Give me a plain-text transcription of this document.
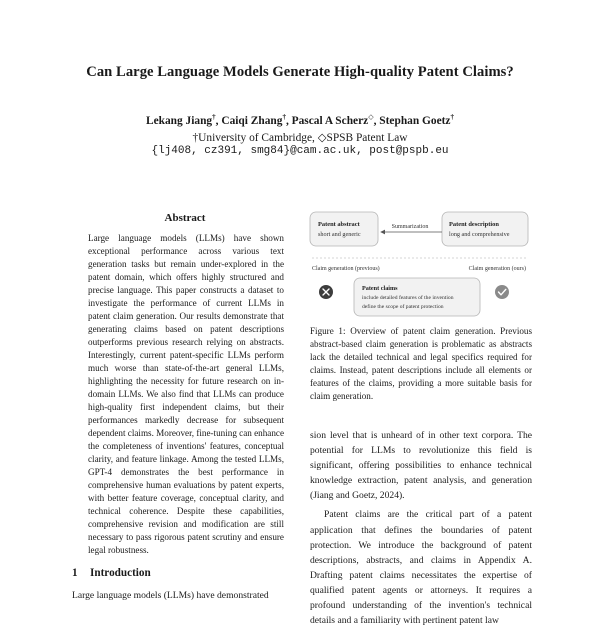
Can Large Language Models Generate High-quality Patent Claims?
Lekang Jiang†, Caiqi Zhang†, Pascal A Scherz◇, Stephan Goetz†
†University of Cambridge, ◇SPSB Patent Law
{lj408, cz391, smg84}@cam.ac.uk, post@pspb.eu
Abstract
Large language models (LLMs) have shown exceptional performance across various text generation tasks but remain under-explored in the patent domain, which offers highly structured and precise language. This paper constructs a dataset to investigate the performance of current LLMs in patent claim generation. Our results demonstrate that generating claims based on patent descriptions outperforms previous research relying on abstracts. Interestingly, current patent-specific LLMs perform much worse than state-of-the-art general LLMs, highlighting the necessity for future research on in-domain LLMs. We also find that LLMs can produce high-quality first independent claims, but their performances markedly decrease for subsequent dependent claims. Moreover, fine-tuning can enhance the completeness of inventions' features, conceptual clarity, and feature linkage. Among the tested LLMs, GPT-4 demonstrates the best performance in comprehensive human evaluations by patent experts, with better feature coverage, conceptual clarity, and technical coherence. Despite these capabilities, comprehensive revision and modification are still necessary to pass rigorous patent scrutiny and ensure legal robustness.
1 Introduction
Large language models (LLMs) have demonstrated
Patent abstract
short and generic
Patent description
long and comprehensive
Summarization
Claim generation (previous)	Claim generation (ours)
Patent claims
include detailed features of the invention
define the scope of patent protection
Figure 1: Overview of patent claim generation. Previous abstract-based claim generation is problematic as abstracts lack the detailed technical and legal specifics required for claims. Instead, patent descriptions include all elements or features of the claims, providing a more suitable basis for claim generation.

sion level that is unheard of in other text corpora. The potential for LLMs to revolutionize this field is significant, offering possibilities to enhance technical knowledge extraction, patent analysis, and generation (Jiang and Goetz, 2024).

Patent claims are the critical part of a patent application that defines the boundaries of patent protection. We introduce the background of patent descriptions, abstracts, and claims in Appendix A. Drafting patent claims necessitates the expertise of qualified patent agents or attorneys. It requires a profound understanding of the invention's technical details and a familiarity with pertinent patent law
